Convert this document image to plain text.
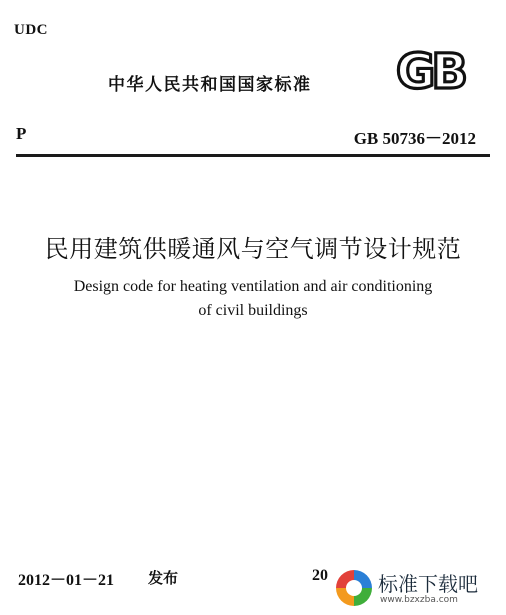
UDC
中华人民共和国国家标准 GB
P	GB 50736－2012
民用建筑供暖通风与空气调节设计规范
Design code for heating ventilation and air conditioning
of civil buildings
2012－01－21 发布	20	标准下载吧
www.bzxzba.com
